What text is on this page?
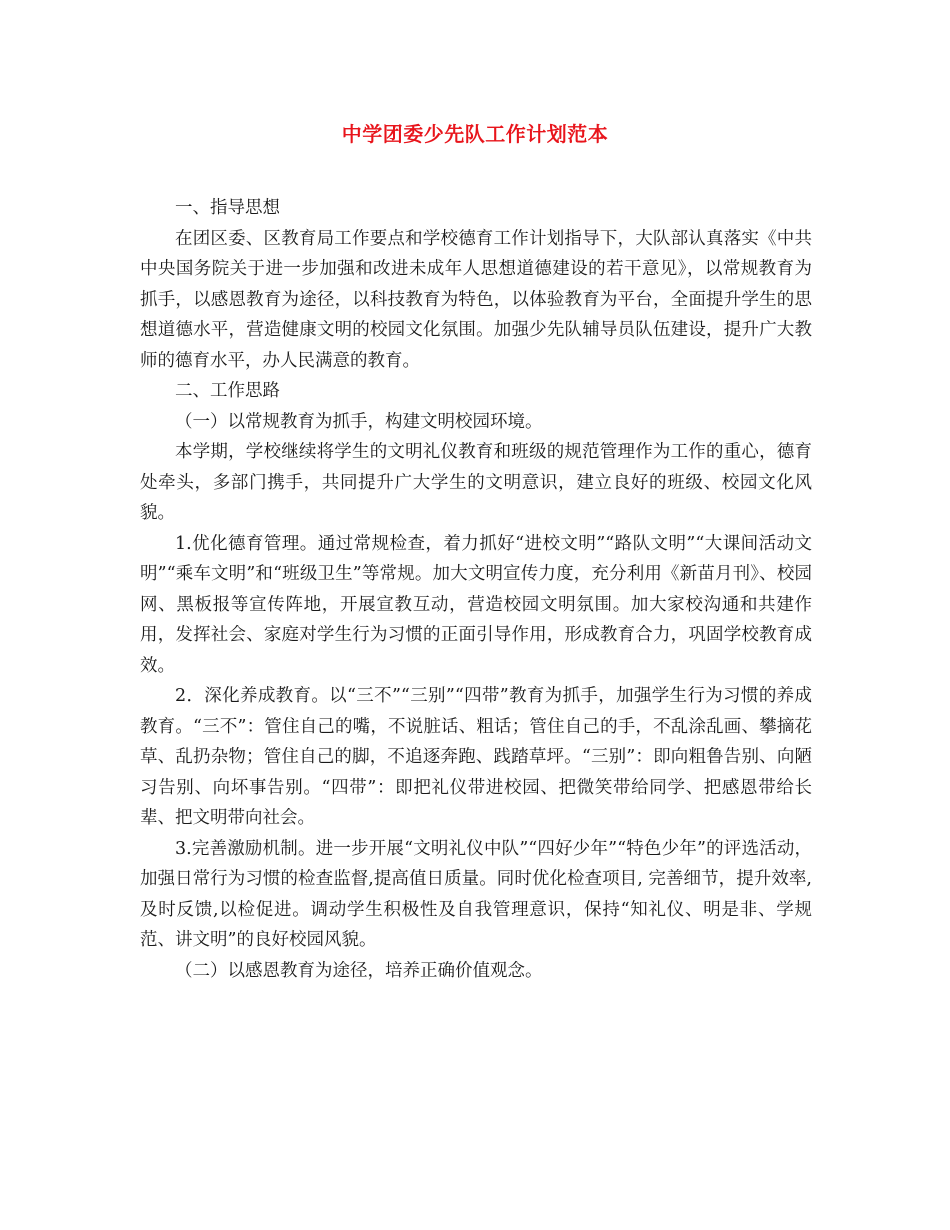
中学团委少先队工作计划范本

一、指导思想

在团区委、区教育局工作要点和学校德育工作计划指导下，大队部认真落实《中共中央国务院关于进一步加强和改进未成年人思想道德建设的若干意见》，以常规教育为抓手，以感恩教育为途径，以科技教育为特色，以体验教育为平台，全面提升学生的思想道德水平，营造健康文明的校园文化氛围。加强少先队辅导员队伍建设，提升广大教师的德育水平，办人民满意的教育。

二、工作思路

（一）以常规教育为抓手，构建文明校园环境。

本学期，学校继续将学生的文明礼仪教育和班级的规范管理作为工作的重心，德育处牵头，多部门携手，共同提升广大学生的文明意识，建立良好的班级、校园文化风貌。

1.优化德育管理。通过常规检查，着力抓好“进校文明”“路队文明”“大课间活动文明”“乘车文明”和“班级卫生”等常规。加大文明宣传力度，充分利用《新苗月刊》、校园网、黑板报等宣传阵地，开展宣教互动，营造校园文明氛围。加大家校沟通和共建作用，发挥社会、家庭对学生行为习惯的正面引导作用，形成教育合力，巩固学校教育成效。

2．深化养成教育。以“三不”“三别”“四带”教育为抓手，加强学生行为习惯的养成教育。“三不”：管住自己的嘴，不说脏话、粗话；管住自己的手，不乱涂乱画、攀摘花草、乱扔杂物；管住自己的脚，不追逐奔跑、践踏草坪。“三别”：即向粗鲁告别、向陋习告别、向坏事告别。“四带”：即把礼仪带进校园、把微笑带给同学、把感恩带给长辈、把文明带向社会。

3.完善激励机制。进一步开展“文明礼仪中队”“四好少年”“特色少年”的评选活动，加强日常行为习惯的检查监督,提高值日质量。同时优化检查项目, 完善细节，提升效率,及时反馈,以检促进。调动学生积极性及自我管理意识，保持“知礼仪、明是非、学规范、讲文明”的良好校园风貌。

（二）以感恩教育为途径，培养正确价值观念。
